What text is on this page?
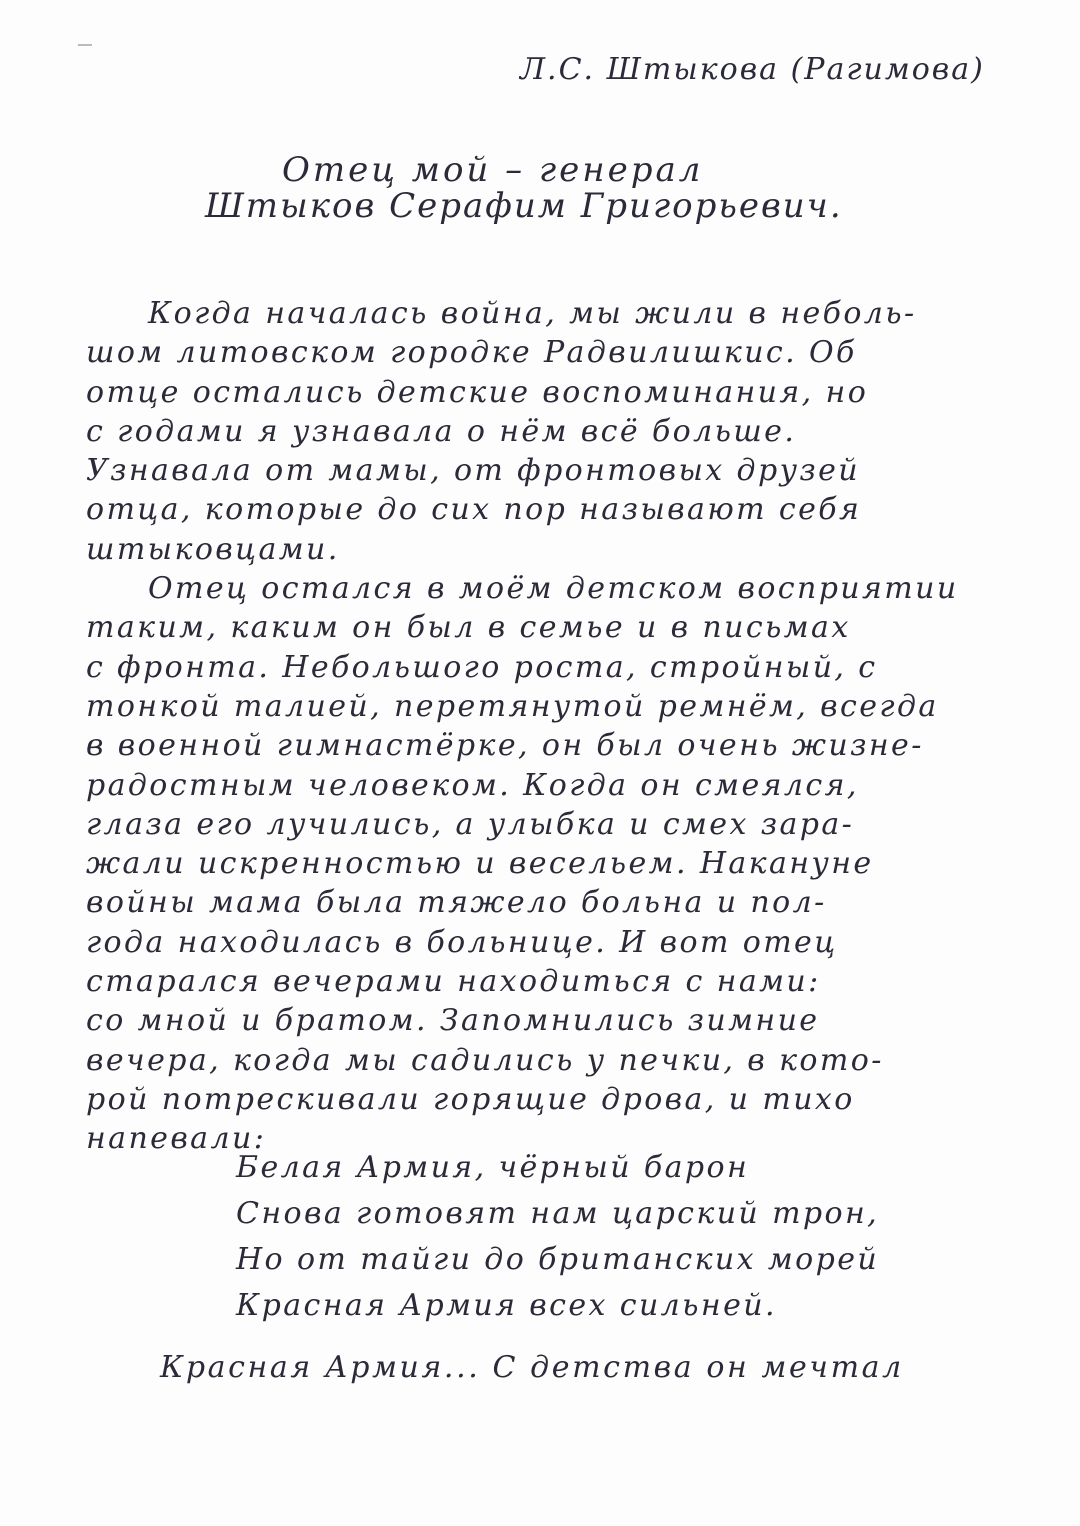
Л.С. Штыкова (Рагимова)
Отец мой – генерал
Штыков Серафим Григорьевич.
Когда началась война, мы жили в неболь-
шом литовском городке Радвилишкис. Об
отце остались детские воспоминания, но
с годами я узнавала о нём всё больше.
Узнавала от мамы, от фронтовых друзей
отца, которые до сих пор называют себя
штыковцами.
Отец остался в моём детском восприятии
таким, каким он был в семье и в письмах
с фронта. Небольшого роста, стройный, с
тонкой талией, перетянутой ремнём, всегда
в военной гимнастёрке, он был очень жизне-
радостным человеком. Когда он смеялся,
глаза его лучились, а улыбка и смех зара-
жали искренностью и весельем. Накануне
войны мама была тяжело больна и пол-
года находилась в больнице. И вот отец
старался вечерами находиться с нами:
со мной и братом. Запомнились зимние
вечера, когда мы садились у печки, в кото-
рой потрескивали горящие дрова, и тихо
напевали:
Белая Армия, чёрный барон
Снова готовят нам царский трон,
Но от тайги до британских морей
Красная Армия всех сильней.
Красная Армия... С детства он мечтал
